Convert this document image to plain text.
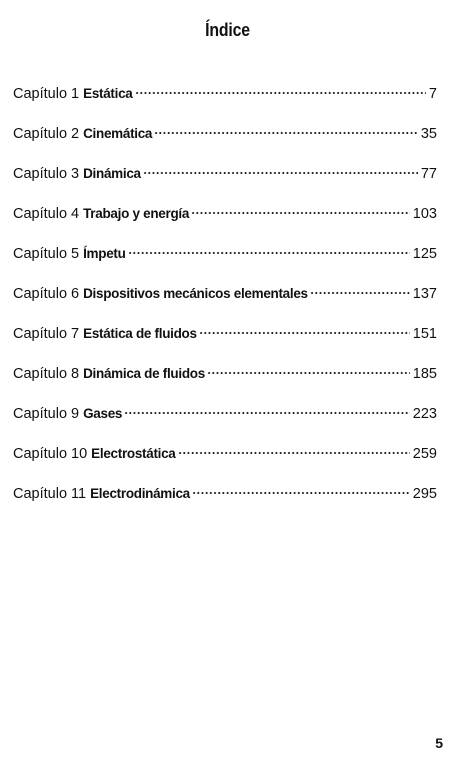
Índice
Capítulo 1 Estática	7
Capítulo 2 Cinemática	35
Capítulo 3 Dinámica	77
Capítulo 4 Trabajo y energía	103
Capítulo 5 Ímpetu	125
Capítulo 6 Dispositivos mecánicos elementales	137
Capítulo 7 Estática de fluidos	151
Capítulo 8 Dinámica de fluidos	185
Capítulo 9 Gases	223
Capítulo 10 Electrostática	259
Capítulo 11 Electrodinámica	295
5
